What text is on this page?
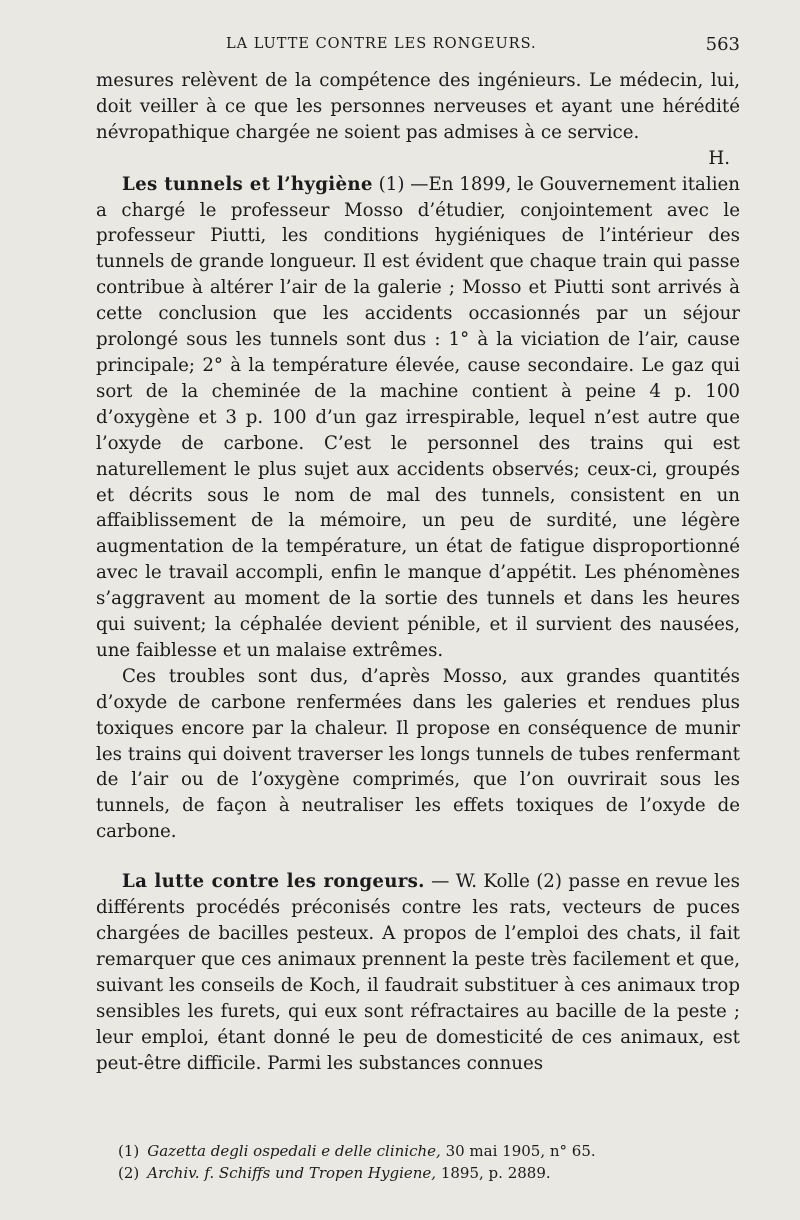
LA LUTTE CONTRE LES RONGEURS.	563

mesures relèvent de la compétence des ingénieurs. Le médecin, lui, doit veiller à ce que les personnes nerveuses et ayant une hérédité névropathique chargée ne soient pas admises à ce service.

H.

Les tunnels et l’hygiène (1) —En 1899, le Gouvernement italien a chargé le professeur Mosso d’étudier, conjointement avec le professeur Piutti, les conditions hygiéniques de l’intérieur des tunnels de grande longueur. Il est évident que chaque train qui passe contribue à altérer l’air de la galerie ; Mosso et Piutti sont arrivés à cette conclusion que les accidents occasionnés par un séjour prolongé sous les tunnels sont dus : 1° à la viciation de l’air, cause principale; 2° à la température élevée, cause secondaire. Le gaz qui sort de la cheminée de la machine contient à peine 4 p. 100 d’oxygène et 3 p. 100 d’un gaz irrespirable, lequel n’est autre que l’oxyde de carbone. C’est le personnel des trains qui est naturellement le plus sujet aux accidents observés; ceux-ci, groupés et décrits sous le nom de mal des tunnels, consistent en un affaiblissement de la mémoire, un peu de surdité, une légère augmentation de la température, un état de fatigue disproportionné avec le travail accompli, enfin le manque d’appétit. Les phénomènes s’aggravent au moment de la sortie des tunnels et dans les heures qui suivent; la céphalée devient pénible, et il survient des nausées, une faiblesse et un malaise extrêmes.

Ces troubles sont dus, d’après Mosso, aux grandes quantités d’oxyde de carbone renfermées dans les galeries et rendues plus toxiques encore par la chaleur. Il propose en conséquence de munir les trains qui doivent traverser les longs tunnels de tubes renfermant de l’air ou de l’oxygène comprimés, que l’on ouvrirait sous les tunnels, de façon à neutraliser les effets toxiques de l’oxyde de carbone.

La lutte contre les rongeurs. — W. Kolle (2) passe en revue les différents procédés préconisés contre les rats, vecteurs de puces chargées de bacilles pesteux. A propos de l’emploi des chats, il fait remarquer que ces animaux prennent la peste très facilement et que, suivant les conseils de Koch, il faudrait substituer à ces animaux trop sensibles les furets, qui eux sont réfractaires au bacille de la peste ; leur emploi, étant donné le peu de domesticité de ces animaux, est peut-être difficile. Parmi les substances connues

(1) Gazetta degli ospedali e delle cliniche, 30 mai 1905, n° 65.
(2) Archiv. f. Schiffs und Tropen Hygiene, 1895, p. 2889.
